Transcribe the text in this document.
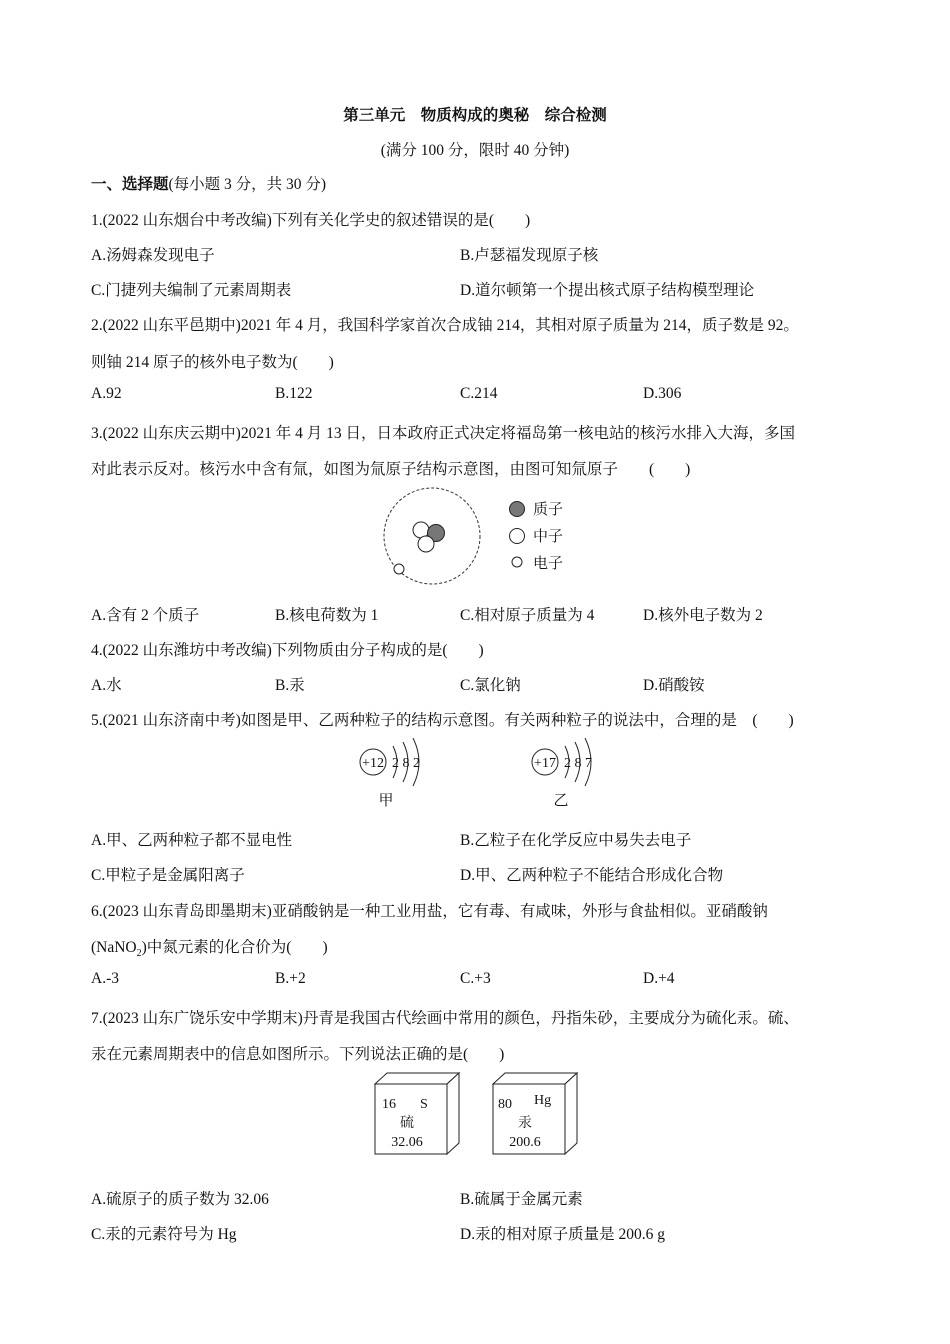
第三单元　物质构成的奥秘　综合检测
(满分 100 分，限时 40 分钟)
一、选择题(每小题 3 分，共 30 分)
1.(2022 山东烟台中考改编)下列有关化学史的叙述错误的是(　　)
A.汤姆森发现电子	B.卢瑟福发现原子核
C.门捷列夫编制了元素周期表	D.道尔顿第一个提出核式原子结构模型理论
2.(2022 山东平邑期中)2021 年 4 月，我国科学家首次合成铀 214，其相对原子质量为 214，质子数是 92。
则铀 214 原子的核外电子数为(　　)
A.92	B.122	C.214	D.306
3.(2022 山东庆云期中)2021 年 4 月 13 日，日本政府正式决定将福岛第一核电站的核污水排入大海，多国
对此表示反对。核污水中含有氚，如图为氚原子结构示意图，由图可知氚原子　　(　　)
质子
中子
电子
A.含有 2 个质子	B.核电荷数为 1	C.相对原子质量为 4	D.核外电子数为 2
4.(2022 山东潍坊中考改编)下列物质由分子构成的是(　　)
A.水	B.汞	C.氯化钠	D.硝酸铵
5.(2021 山东济南中考)如图是甲、乙两种粒子的结构示意图。有关两种粒子的说法中，合理的是　(　　)
+12 2 8 2
甲
+17 2 8 7
乙
A.甲、乙两种粒子都不显电性	B.乙粒子在化学反应中易失去电子
C.甲粒子是金属阳离子	D.甲、乙两种粒子不能结合形成化合物
6.(2023 山东青岛即墨期末)亚硝酸钠是一种工业用盐，它有毒、有咸味，外形与食盐相似。亚硝酸钠
(NaNO$_2$)中氮元素的化合价为(　　)
A.-3	B.+2	C.+3	D.+4
7.(2023 山东广饶乐安中学期末)丹青是我国古代绘画中常用的颜色，丹指朱砂，主要成分为硫化汞。硫、
汞在元素周期表中的信息如图所示。下列说法正确的是(　　)
16 S
硫
32.06
80 Hg
汞
200.6
A.硫原子的质子数为 32.06	B.硫属于金属元素
C.汞的元素符号为 Hg	D.汞的相对原子质量是 200.6 g
